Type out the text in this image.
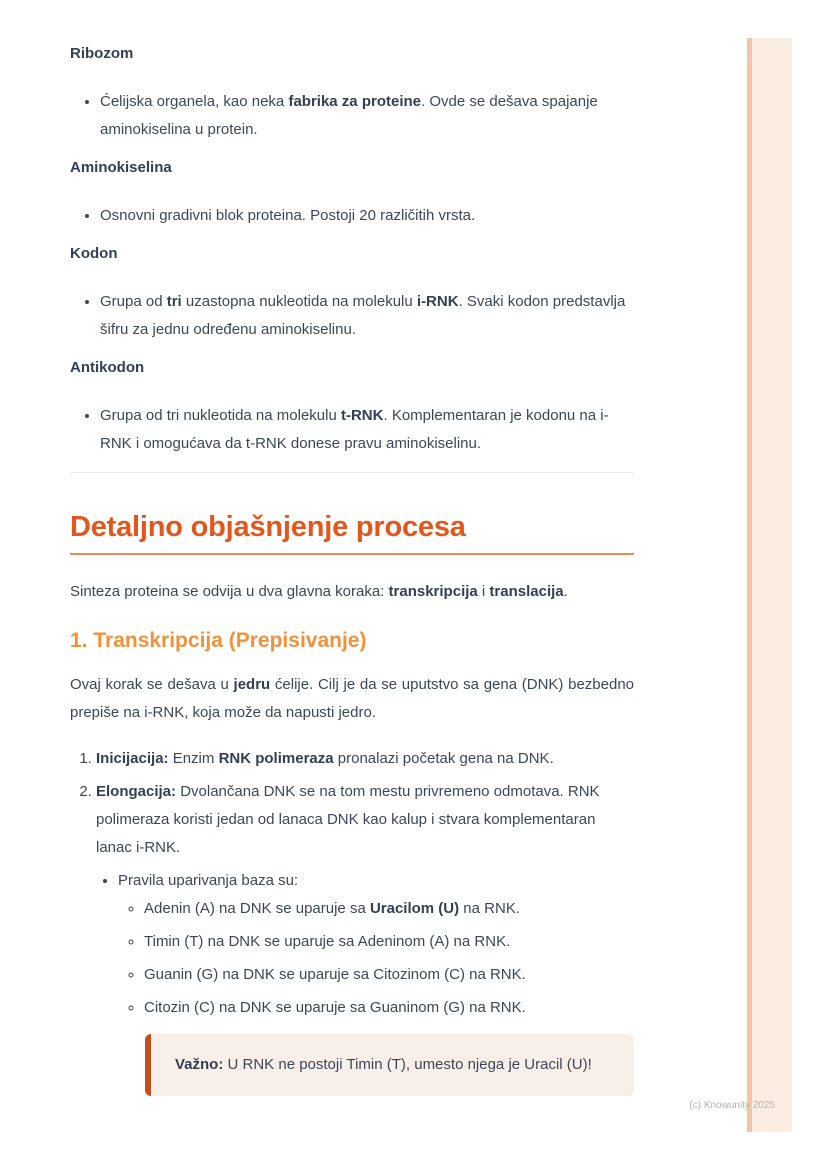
Ribozom
• Ćelijska organela, kao neka fabrika za proteine. Ovde se dešava spajanje aminokiselina u protein.
Aminokiselina
• Osnovni gradivni blok proteina. Postoji 20 različitih vrsta.
Kodon
• Grupa od tri uzastopna nukleotida na molekulu i-RNK. Svaki kodon predstavlja šifru za jednu određenu aminokiselinu.
Antikodon
• Grupa od tri nukleotida na molekulu t-RNK. Komplementaran je kodonu na i-RNK i omogućava da t-RNK donese pravu aminokiselinu.
Detaljno objašnjenje procesa

Sinteza proteina se odvija u dva glavna koraka: transkripcija i translacija.

1. Transkripcija (Prepisivanje)

Ovaj korak se dešava u jedru ćelije. Cilj je da se uputstvo sa gena (DNK) bezbedno prepiše na i-RNK, koja može da napusti jedro.

1. Inicijacija: Enzim RNK polimeraza pronalazi početak gena na DNK.
2. Elongacija: Dvolančana DNK se na tom mestu privremeno odmotava. RNK polimeraza koristi jedan od lanaca DNK kao kalup i stvara komplementaran lanac i-RNK.
• Pravila uparivanja baza su:
◦ Adenin (A) na DNK se uparuje sa Uracilom (U) na RNK.
◦ Timin (T) na DNK se uparuje sa Adeninom (A) na RNK.
◦ Guanin (G) na DNK se uparuje sa Citozinom (C) na RNK.
◦ Citozin (C) na DNK se uparuje sa Guaninom (G) na RNK.

Važno: U RNK ne postoji Timin (T), umesto njega je Uracil (U)!

(c) Knowunity 2025
